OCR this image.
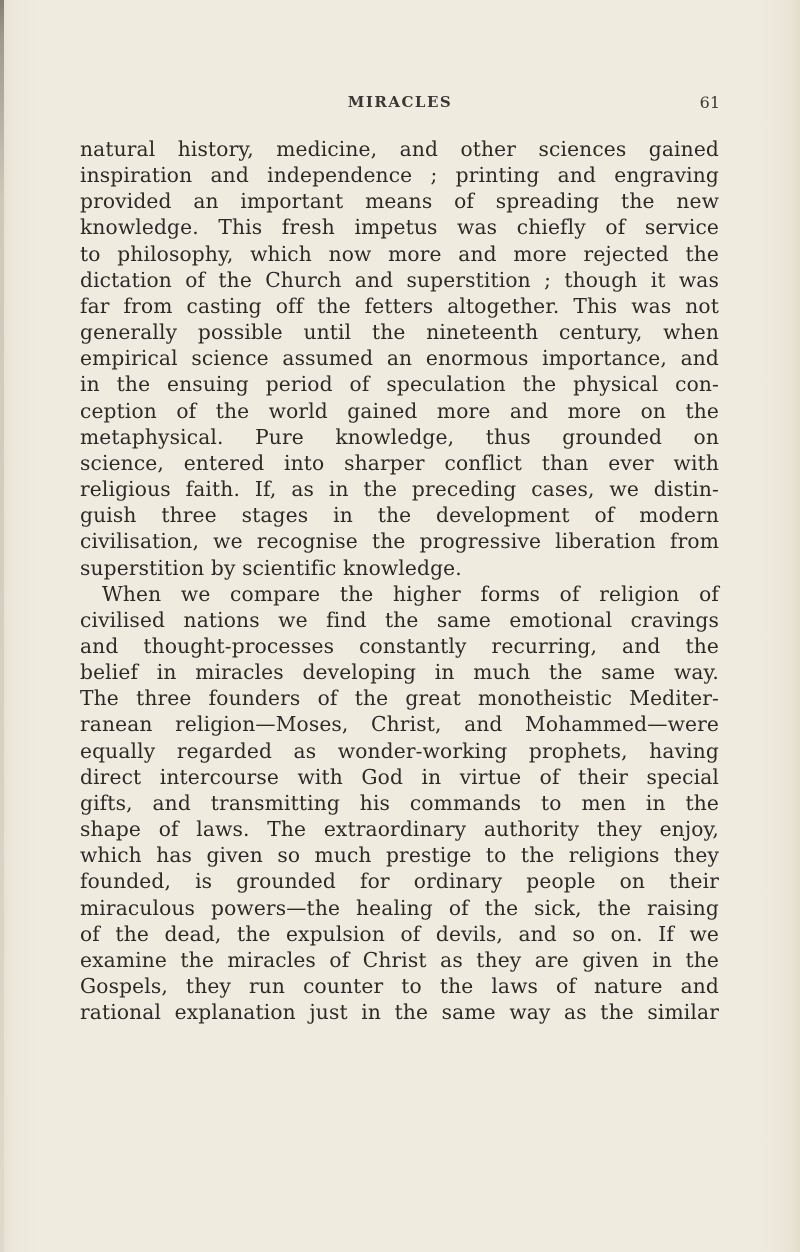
MIRACLES	61
natural history, medicine, and other sciences gained
inspiration and independence ; printing and engraving
provided an important means of spreading the new
knowledge. This fresh impetus was chiefly of service
to philosophy, which now more and more rejected the
dictation of the Church and superstition ; though it was
far from casting off the fetters altogether. This was not
generally possible until the nineteenth century, when
empirical science assumed an enormous importance, and
in the ensuing period of speculation the physical con-
ception of the world gained more and more on the
metaphysical. Pure knowledge, thus grounded on
science, entered into sharper conflict than ever with
religious faith. If, as in the preceding cases, we distin-
guish three stages in the development of modern
civilisation, we recognise the progressive liberation from
superstition by scientific knowledge.
When we compare the higher forms of religion of
civilised nations we find the same emotional cravings
and thought-processes constantly recurring, and the
belief in miracles developing in much the same way.
The three founders of the great monotheistic Mediter-
ranean religion—Moses, Christ, and Mohammed—were
equally regarded as wonder-working prophets, having
direct intercourse with God in virtue of their special
gifts, and transmitting his commands to men in the
shape of laws. The extraordinary authority they enjoy,
which has given so much prestige to the religions they
founded, is grounded for ordinary people on their
miraculous powers—the healing of the sick, the raising
of the dead, the expulsion of devils, and so on. If we
examine the miracles of Christ as they are given in the
Gospels, they run counter to the laws of nature and
rational explanation just in the same way as the similar
